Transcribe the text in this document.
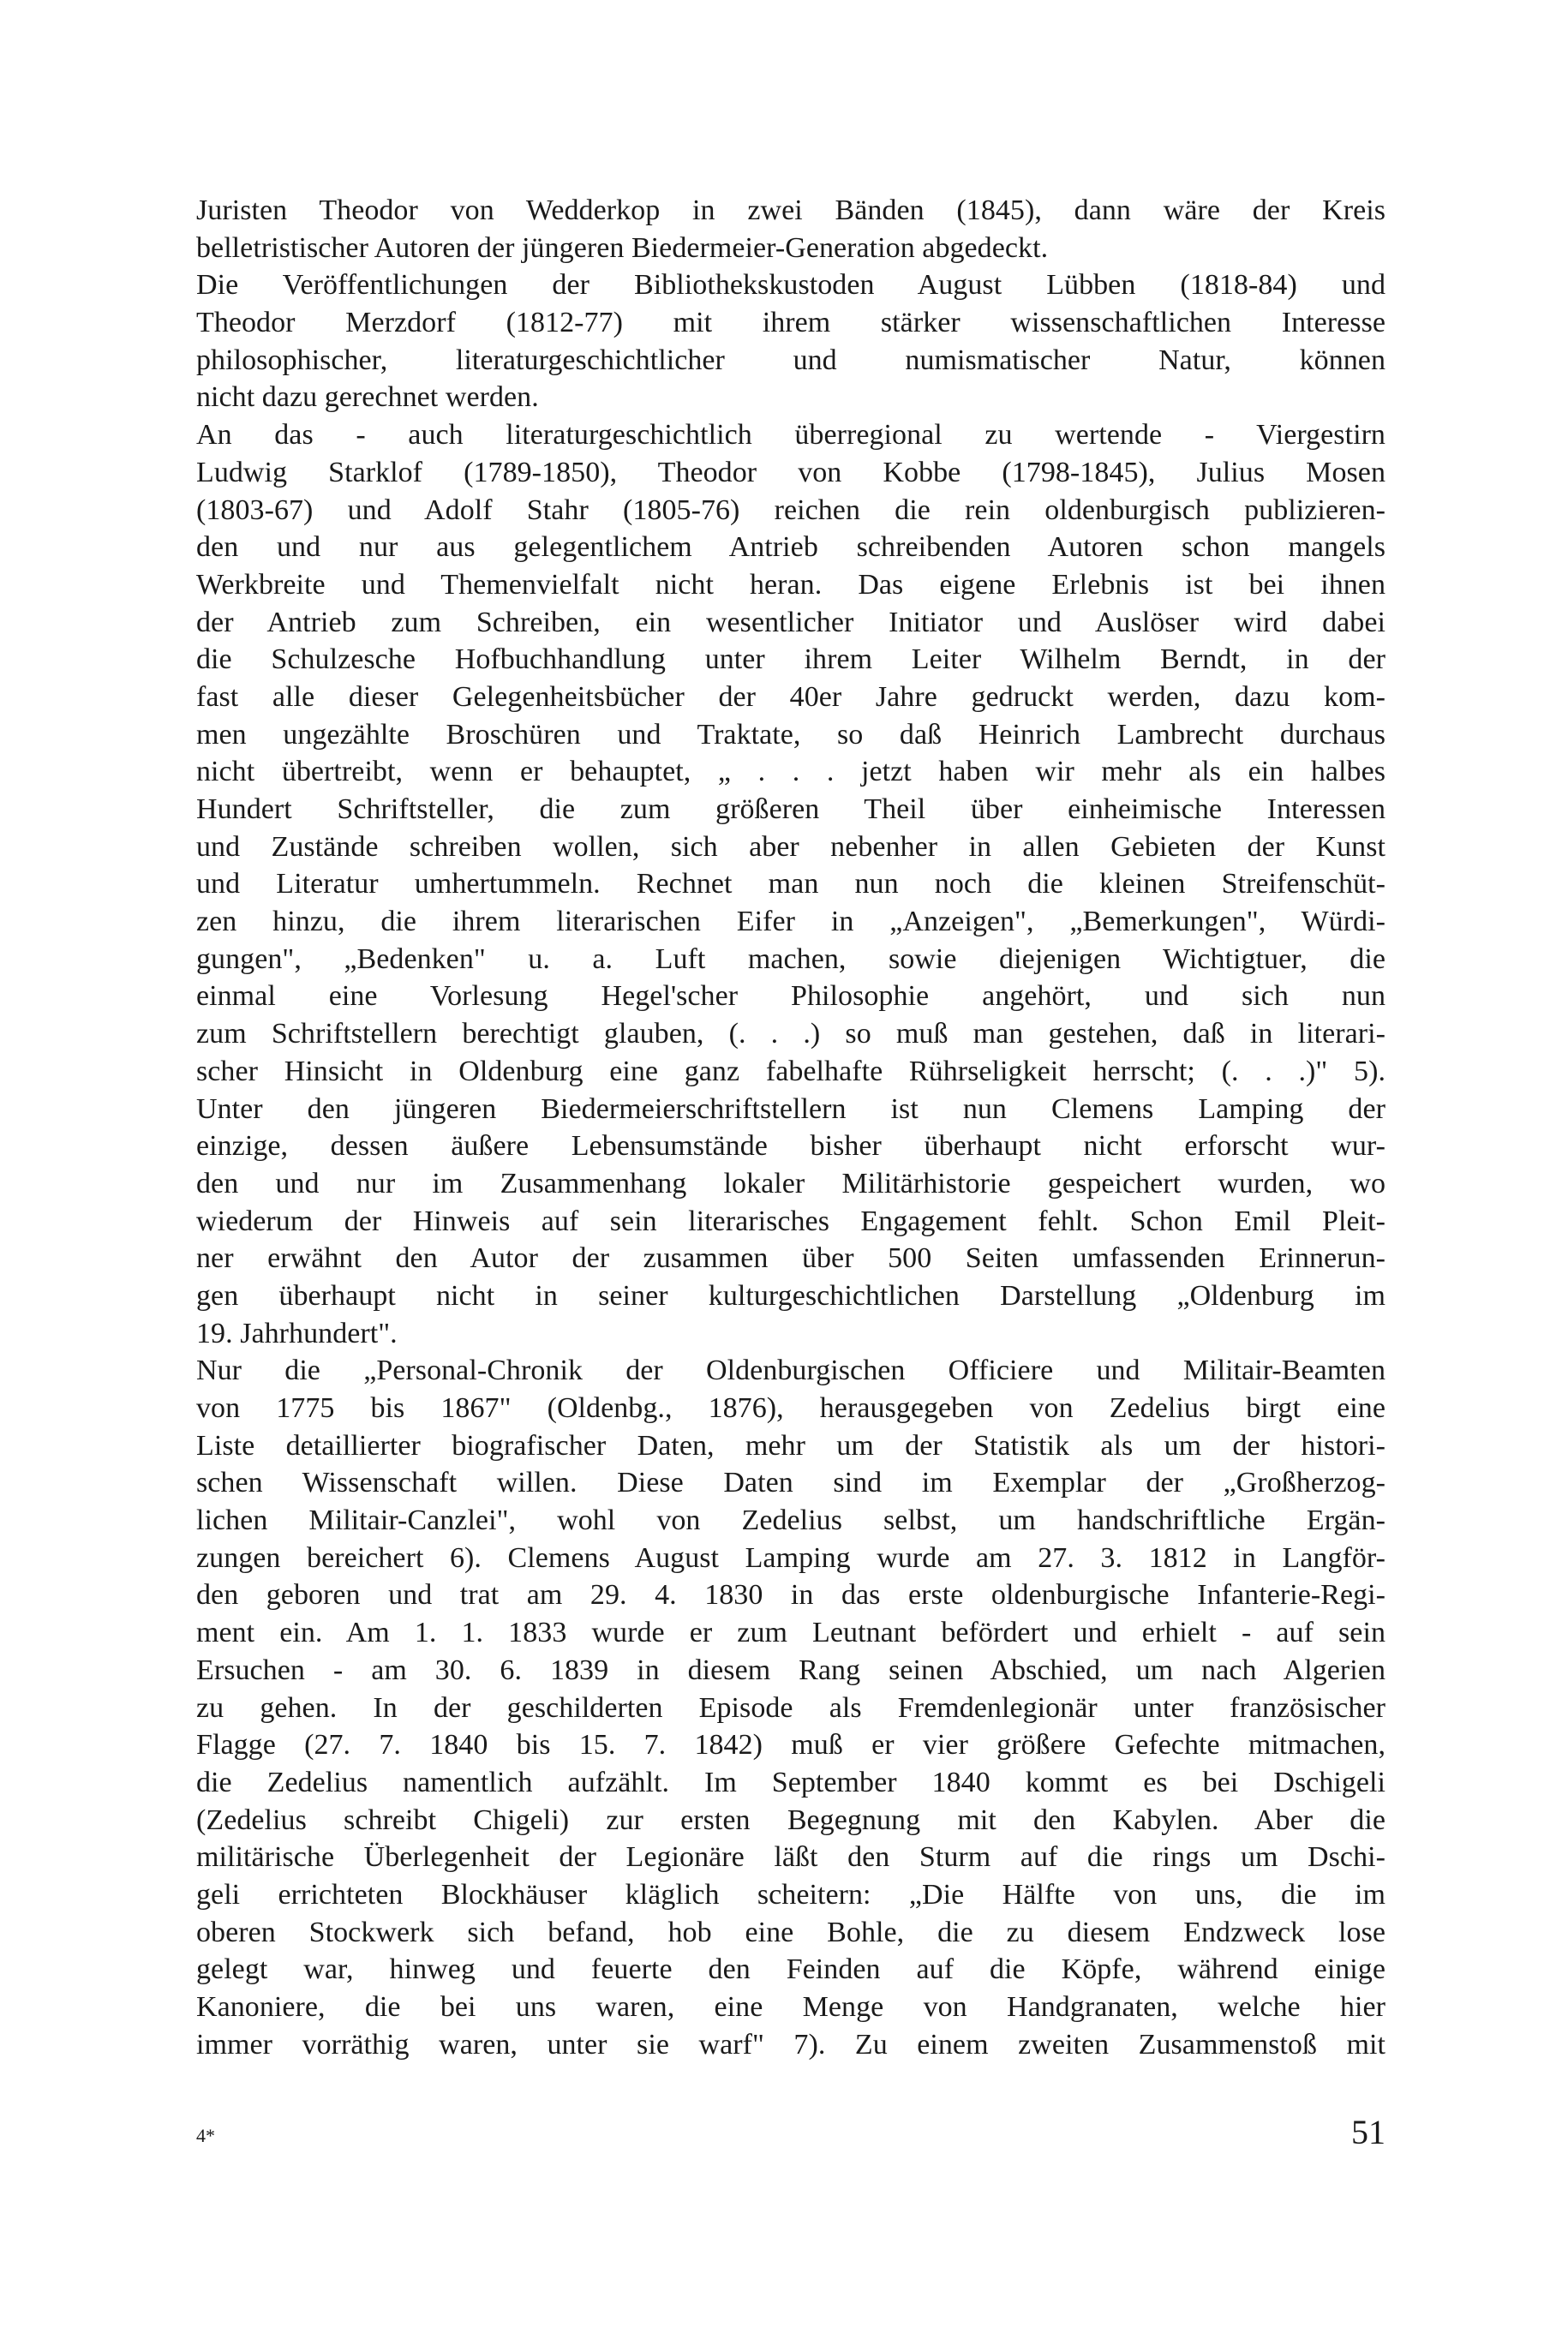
Juristen Theodor von Wedderkop in zwei Bänden (1845), dann wäre der Kreis
belletristischer Autoren der jüngeren Biedermeier-Generation abgedeckt.
Die Veröffentlichungen der Bibliothekskustoden August Lübben (1818-84) und
Theodor Merzdorf (1812-77) mit ihrem stärker wissenschaftlichen Interesse
philosophischer, literaturgeschichtlicher und numismatischer Natur, können
nicht dazu gerechnet werden.
An das - auch literaturgeschichtlich überregional zu wertende - Viergestirn
Ludwig Starklof (1789-1850), Theodor von Kobbe (1798-1845), Julius Mosen
(1803-67) und Adolf Stahr (1805-76) reichen die rein oldenburgisch publizieren-
den und nur aus gelegentlichem Antrieb schreibenden Autoren schon mangels
Werkbreite und Themenvielfalt nicht heran. Das eigene Erlebnis ist bei ihnen
der Antrieb zum Schreiben, ein wesentlicher Initiator und Auslöser wird dabei
die Schulzesche Hofbuchhandlung unter ihrem Leiter Wilhelm Berndt, in der
fast alle dieser Gelegenheitsbücher der 40er Jahre gedruckt werden, dazu kom-
men ungezählte Broschüren und Traktate, so daß Heinrich Lambrecht durchaus
nicht übertreibt, wenn er behauptet, „ . . . jetzt haben wir mehr als ein halbes
Hundert Schriftsteller, die zum größeren Theil über einheimische Interessen
und Zustände schreiben wollen, sich aber nebenher in allen Gebieten der Kunst
und Literatur umhertummeln. Rechnet man nun noch die kleinen Streifenschüt-
zen hinzu, die ihrem literarischen Eifer in „Anzeigen", „Bemerkungen", Würdi-
gungen", „Bedenken" u. a. Luft machen, sowie diejenigen Wichtigtuer, die
einmal eine Vorlesung Hegel'scher Philosophie angehört, und sich nun
zum Schriftstellern berechtigt glauben, (. . .) so muß man gestehen, daß in literari-
scher Hinsicht in Oldenburg eine ganz fabelhafte Rührseligkeit herrscht; (. . .)" 5).
Unter den jüngeren Biedermeierschriftstellern ist nun Clemens Lamping der
einzige, dessen äußere Lebensumstände bisher überhaupt nicht erforscht wur-
den und nur im Zusammenhang lokaler Militärhistorie gespeichert wurden, wo
wiederum der Hinweis auf sein literarisches Engagement fehlt. Schon Emil Pleit-
ner erwähnt den Autor der zusammen über 500 Seiten umfassenden Erinnerun-
gen überhaupt nicht in seiner kulturgeschichtlichen Darstellung „Oldenburg im
19. Jahrhundert".
Nur die „Personal-Chronik der Oldenburgischen Officiere und Militair-Beamten
von 1775 bis 1867" (Oldenbg., 1876), herausgegeben von Zedelius birgt eine
Liste detaillierter biografischer Daten, mehr um der Statistik als um der histori-
schen Wissenschaft willen. Diese Daten sind im Exemplar der „Großherzog-
lichen Militair-Canzlei", wohl von Zedelius selbst, um handschriftliche Ergän-
zungen bereichert 6). Clemens August Lamping wurde am 27. 3. 1812 in Langför-
den geboren und trat am 29. 4. 1830 in das erste oldenburgische Infanterie-Regi-
ment ein. Am 1. 1. 1833 wurde er zum Leutnant befördert und erhielt - auf sein
Ersuchen - am 30. 6. 1839 in diesem Rang seinen Abschied, um nach Algerien
zu gehen. In der geschilderten Episode als Fremdenlegionär unter französischer
Flagge (27. 7. 1840 bis 15. 7. 1842) muß er vier größere Gefechte mitmachen,
die Zedelius namentlich aufzählt. Im September 1840 kommt es bei Dschigeli
(Zedelius schreibt Chigeli) zur ersten Begegnung mit den Kabylen. Aber die
militärische Überlegenheit der Legionäre läßt den Sturm auf die rings um Dschi-
geli errichteten Blockhäuser kläglich scheitern: „Die Hälfte von uns, die im
oberen Stockwerk sich befand, hob eine Bohle, die zu diesem Endzweck lose
gelegt war, hinweg und feuerte den Feinden auf die Köpfe, während einige
Kanoniere, die bei uns waren, eine Menge von Handgranaten, welche hier
immer vorräthig waren, unter sie warf" 7). Zu einem zweiten Zusammenstoß mit
4*	51
